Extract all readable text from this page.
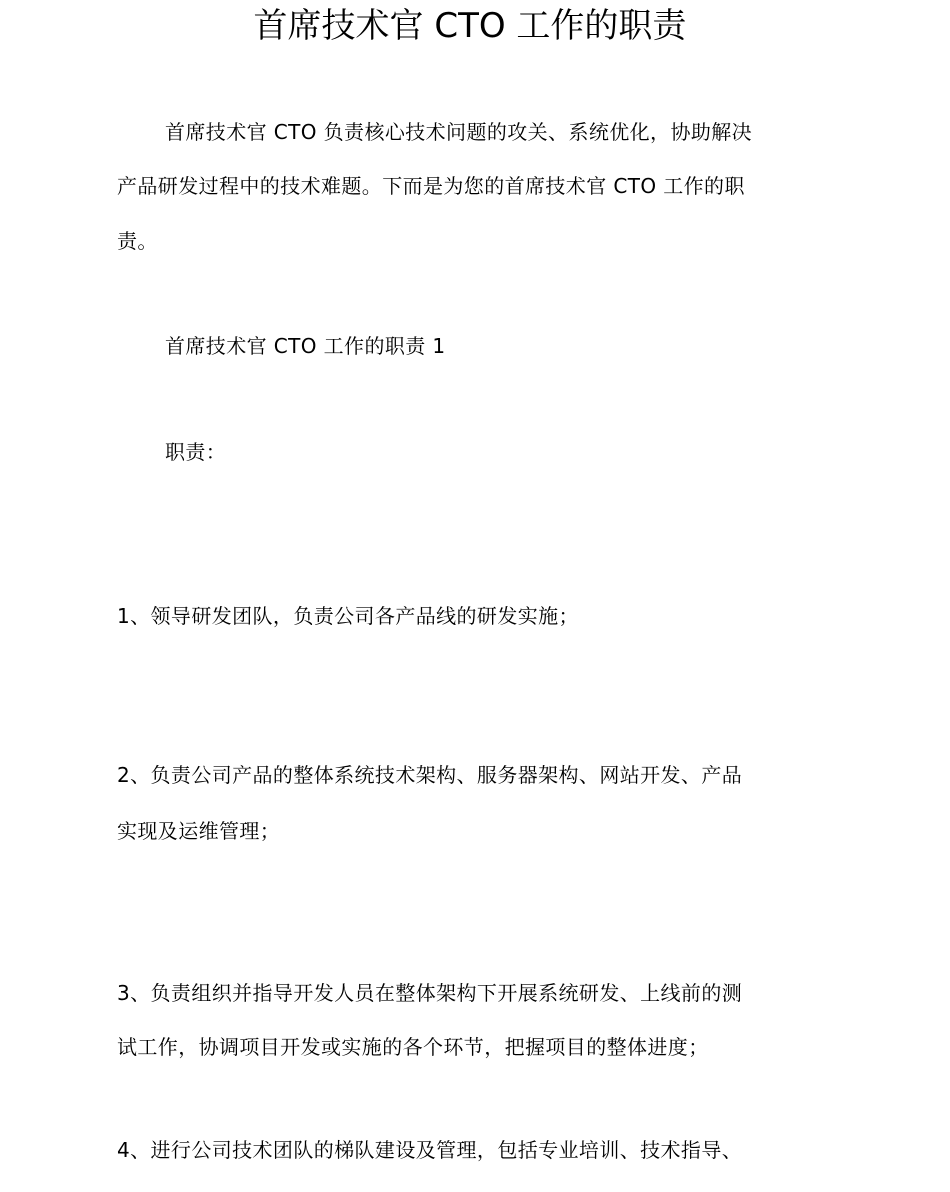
首席技术官 CTO 工作的职责
首席技术官 CTO 负责核心技术问题的攻关、系统优化，协助解决
产品研发过程中的技术难题。下而是为您的首席技术官 CTO 工作的职
责。
首席技术官 CTO 工作的职责 1
职责：
1、领导研发团队，负责公司各产品线的研发实施；
2、负责公司产品的整体系统技术架构、服务器架构、网站开发、产品
实现及运维管理；
3、负责组织并指导开发人员在整体架构下开展系统研发、上线前的测
试工作，协调项目开发或实施的各个环节，把握项目的整体进度；
4、进行公司技术团队的梯队建设及管理，包括专业培训、技术指导、
